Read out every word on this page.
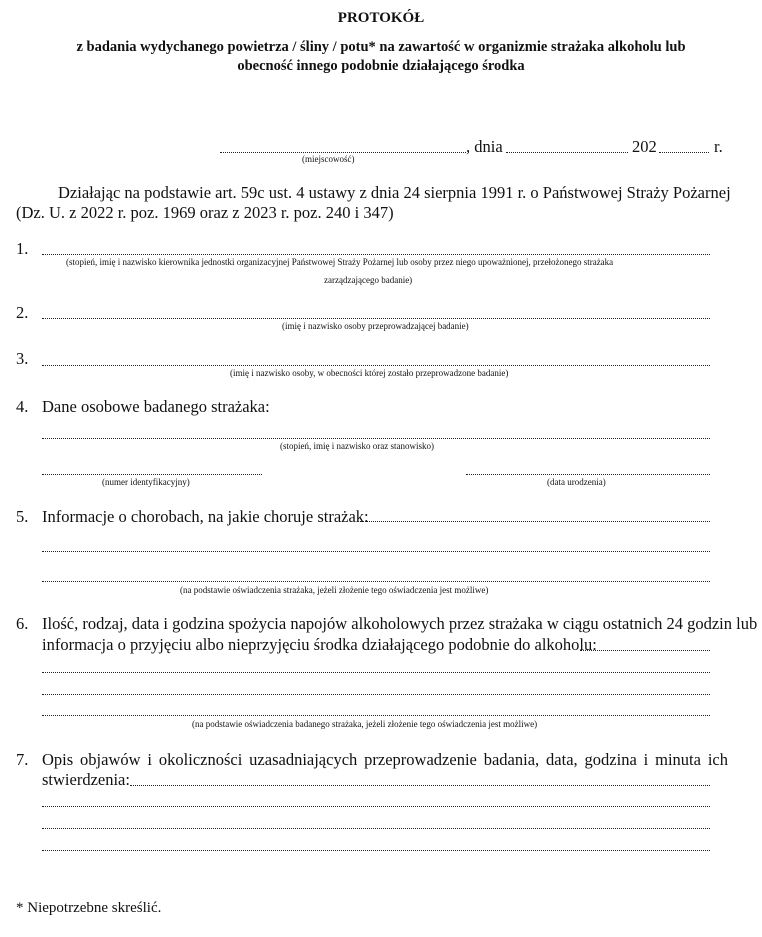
PROTOKÓŁ
z badania wydychanego powietrza / śliny / potu* na zawartość w organizmie strażaka alkoholu lub
obecność innego podobnie działającego środka
, dnia	202	r.
(miejscowość)
Działając na podstawie art. 59c ust. 4 ustawy z dnia 24 sierpnia 1991 r. o Państwowej Straży Pożarnej
(Dz. U. z 2022 r. poz. 1969 oraz z 2023 r. poz. 240 i 347)
1.
(stopień, imię i nazwisko kierownika jednostki organizacyjnej Państwowej Straży Pożarnej lub osoby przez niego upoważnionej, przełożonego strażaka
zarządzającego badanie)
2.
(imię i nazwisko osoby przeprowadzającej badanie)
3.
(imię i nazwisko osoby, w obecności której zostało przeprowadzone badanie)
4. Dane osobowe badanego strażaka:
(stopień, imię i nazwisko oraz stanowisko)
(numer identyfikacyjny)	(data urodzenia)
5. Informacje o chorobach, na jakie choruje strażak:
(na podstawie oświadczenia strażaka, jeżeli złożenie tego oświadczenia jest możliwe)
6. Ilość, rodzaj, data i godzina spożycia napojów alkoholowych przez strażaka w ciągu ostatnich 24 godzin lub
informacja o przyjęciu albo nieprzyjęciu środka działającego podobnie do alkoholu:
(na podstawie oświadczenia badanego strażaka, jeżeli złożenie tego oświadczenia jest możliwe)
7. Opis objawów i okoliczności uzasadniających przeprowadzenie badania, data, godzina i minuta ich
stwierdzenia:
* Niepotrzebne skreślić.
